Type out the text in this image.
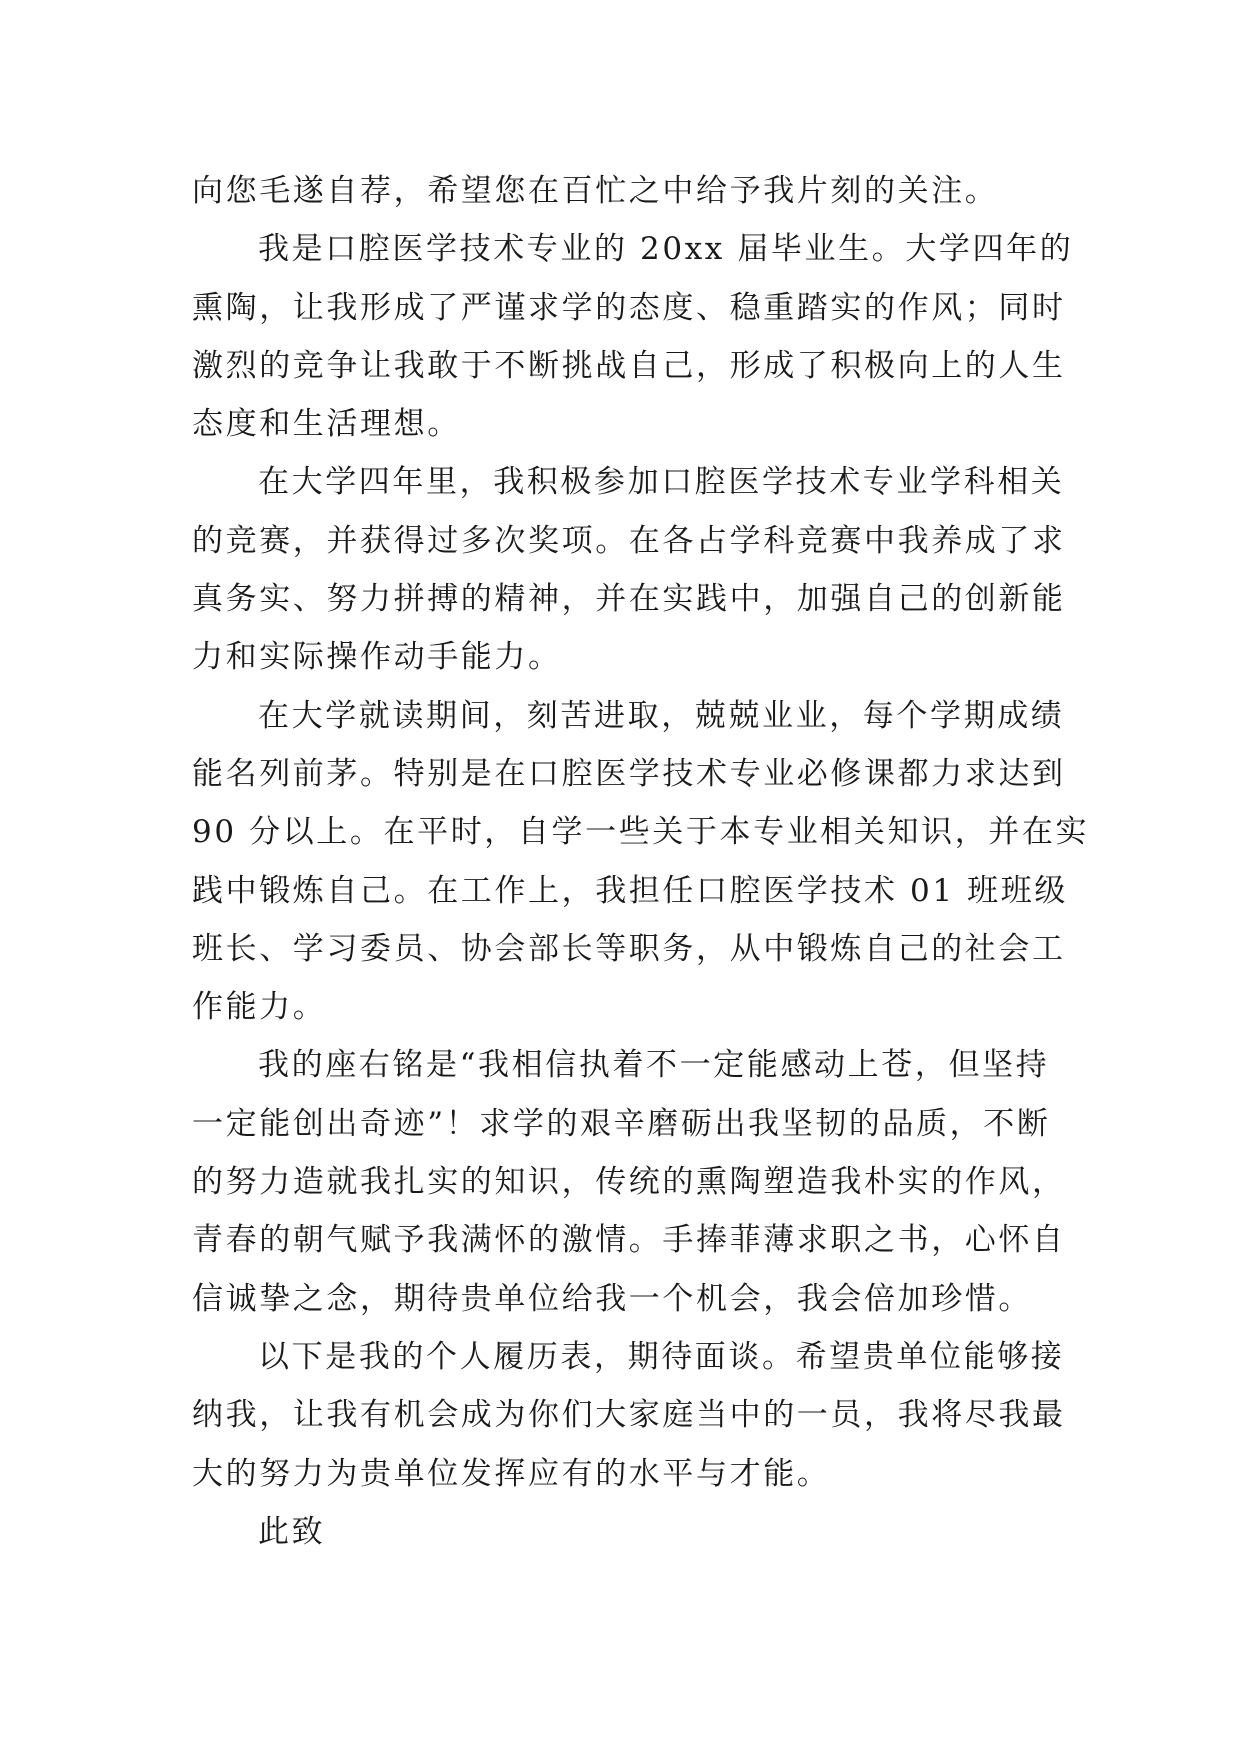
向您毛遂自荐，希望您在百忙之中给予我片刻的关注。
我是口腔医学技术专业的 20xx 届毕业生。大学四年的
熏陶，让我形成了严谨求学的态度、稳重踏实的作风；同时
激烈的竞争让我敢于不断挑战自己，形成了积极向上的人生
态度和生活理想。
在大学四年里，我积极参加口腔医学技术专业学科相关
的竞赛，并获得过多次奖项。在各占学科竞赛中我养成了求
真务实、努力拼搏的精神，并在实践中，加强自己的创新能
力和实际操作动手能力。
在大学就读期间，刻苦进取，兢兢业业，每个学期成绩
能名列前茅。特别是在口腔医学技术专业必修课都力求达到
90 分以上。在平时，自学一些关于本专业相关知识，并在实
践中锻炼自己。在工作上，我担任口腔医学技术 01 班班级
班长、学习委员、协会部长等职务，从中锻炼自己的社会工
作能力。
我的座右铭是“我相信执着不一定能感动上苍，但坚持
一定能创出奇迹”！求学的艰辛磨砺出我坚韧的品质，不断
的努力造就我扎实的知识，传统的熏陶塑造我朴实的作风，
青春的朝气赋予我满怀的激情。手捧菲薄求职之书，心怀自
信诚挚之念，期待贵单位给我一个机会，我会倍加珍惜。
以下是我的个人履历表，期待面谈。希望贵单位能够接
纳我，让我有机会成为你们大家庭当中的一员，我将尽我最
大的努力为贵单位发挥应有的水平与才能。
此致
